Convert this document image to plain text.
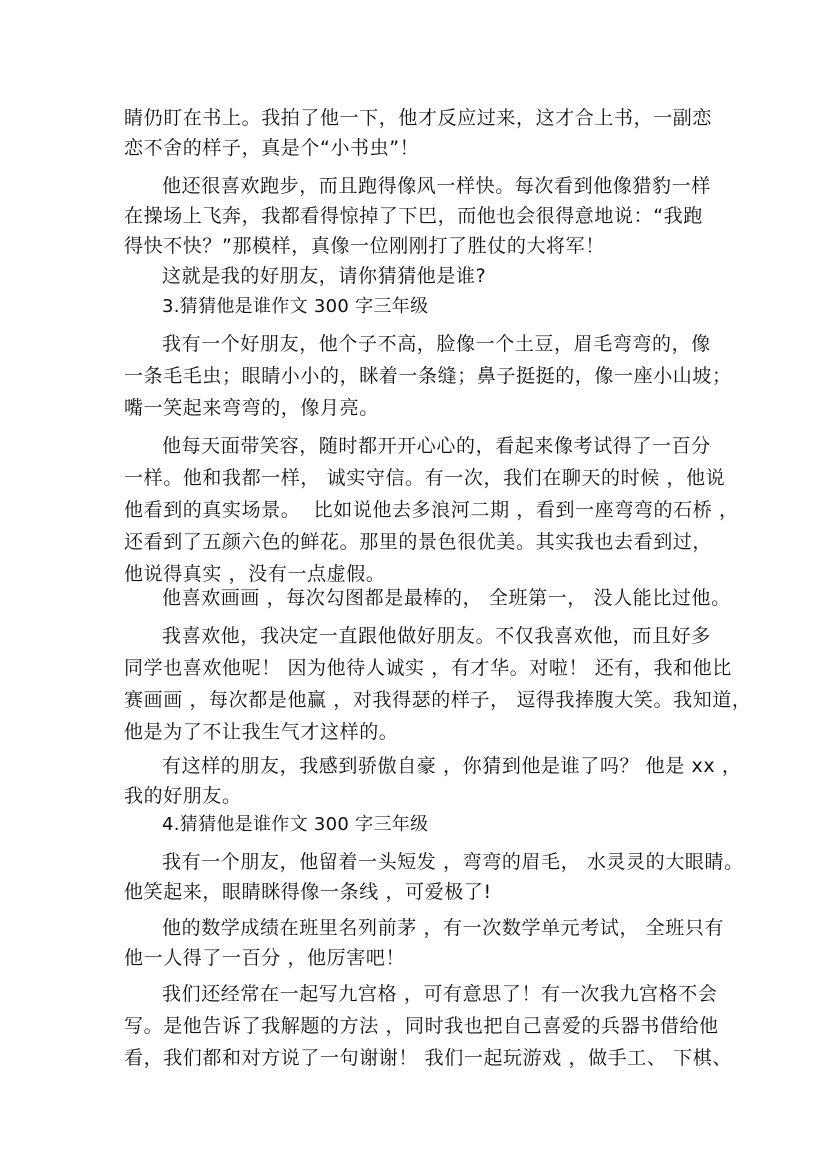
睛仍盯在书上。我拍了他一下，他才反应过来，这才合上书，一副恋
恋不舍的样子，真是个“小书虫”！
他还很喜欢跑步，而且跑得像风一样快。每次看到他像猎豹一样
在操场上飞奔，我都看得惊掉了下巴，而他也会很得意地说：“我跑
得快不快？”那模样，真像一位刚刚打了胜仗的大将军！
这就是我的好朋友，请你猜猜他是谁?
3.猜猜他是谁作文 300 字三年级
我有一个好朋友，他个子不高，脸像一个土豆，眉毛弯弯的，像
一条毛毛虫；眼睛小小的，眯着一条缝；鼻子挺挺的，像一座小山坡；
嘴一笑起来弯弯的，像月亮。
他每天面带笑容，随时都开开心心的，看起来像考试得了一百分
一样。他和我都一样， 诚实守信。有一次，我们在聊天的时候 ，他说
他看到的真实场景。  比如说他去多浪河二期 ，看到一座弯弯的石桥 ，
还看到了五颜六色的鲜花。那里的景色很优美。其实我也去看到过，
他说得真实 ，没有一点虚假。
他喜欢画画 ，每次勾图都是最棒的， 全班第一， 没人能比过他。
我喜欢他，我决定一直跟他做好朋友。不仅我喜欢他，而且好多
同学也喜欢他呢！ 因为他待人诚实 ，有才华。对啦！ 还有，我和他比
赛画画 ，每次都是他赢 ，对我得瑟的样子， 逗得我捧腹大笑。我知道，
他是为了不让我生气才这样的。
有这样的朋友，我感到骄傲自豪 ，你猜到他是谁了吗？ 他是 xx ，
我的好朋友。
4.猜猜他是谁作文 300 字三年级
我有一个朋友，他留着一头短发 ，弯弯的眉毛， 水灵灵的大眼睛。
他笑起来，眼睛眯得像一条线 ，可爱极了!
他的数学成绩在班里名列前茅 ，有一次数学单元考试， 全班只有
他一人得了一百分 ，他厉害吧！
我们还经常在一起写九宫格 ，可有意思了！有一次我九宫格不会
写。是他告诉了我解题的方法 ，同时我也把自己喜爱的兵器书借给他
看，我们都和对方说了一句谢谢！ 我们一起玩游戏 ，做手工、 下棋、
